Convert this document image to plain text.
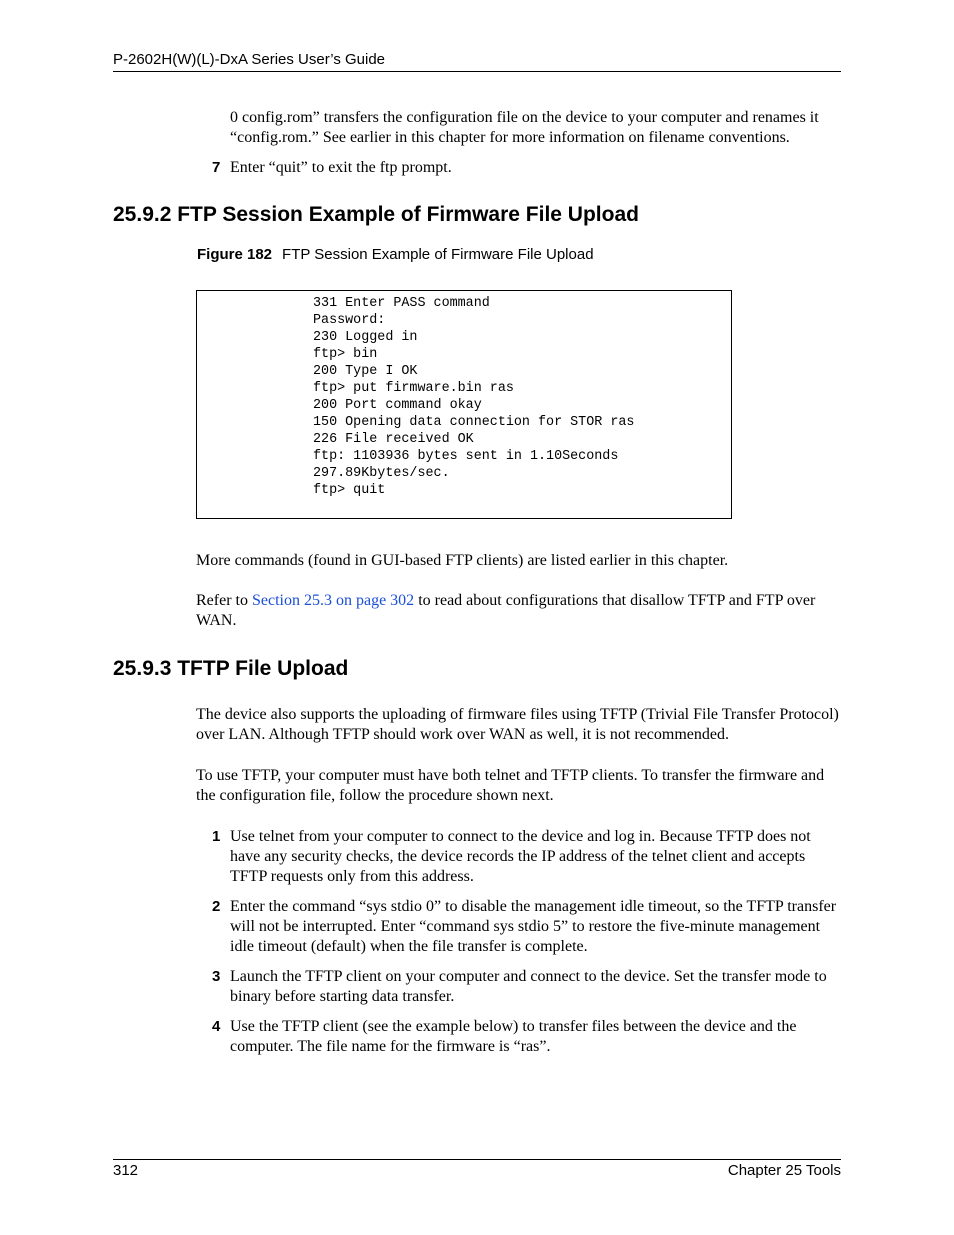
P-2602H(W)(L)-DxA Series User’s Guide
0 config.rom” transfers the configuration file on the device to your computer and renames it “config.rom.” See earlier in this chapter for more information on filename conventions.
7 Enter “quit” to exit the ftp prompt.
25.9.2 FTP Session Example of Firmware File Upload
Figure 182 FTP Session Example of Firmware File Upload
331 Enter PASS command
Password:
230 Logged in
ftp> bin
200 Type I OK
ftp> put firmware.bin ras
200 Port command okay
150 Opening data connection for STOR ras
226 File received OK
ftp: 1103936 bytes sent in 1.10Seconds
297.89Kbytes/sec.
ftp> quit
More commands (found in GUI-based FTP clients) are listed earlier in this chapter.
Refer to Section 25.3 on page 302 to read about configurations that disallow TFTP and FTP over WAN.
25.9.3 TFTP File Upload
The device also supports the uploading of firmware files using TFTP (Trivial File Transfer Protocol) over LAN. Although TFTP should work over WAN as well, it is not recommended.
To use TFTP, your computer must have both telnet and TFTP clients. To transfer the firmware and the configuration file, follow the procedure shown next.
1 Use telnet from your computer to connect to the device and log in. Because TFTP does not have any security checks, the device records the IP address of the telnet client and accepts TFTP requests only from this address.
2 Enter the command “sys stdio 0” to disable the management idle timeout, so the TFTP transfer will not be interrupted. Enter “command sys stdio 5” to restore the five-minute management idle timeout (default) when the file transfer is complete.
3 Launch the TFTP client on your computer and connect to the device. Set the transfer mode to binary before starting data transfer.
4 Use the TFTP client (see the example below) to transfer files between the device and the computer. The file name for the firmware is “ras”.
312	Chapter 25 Tools
